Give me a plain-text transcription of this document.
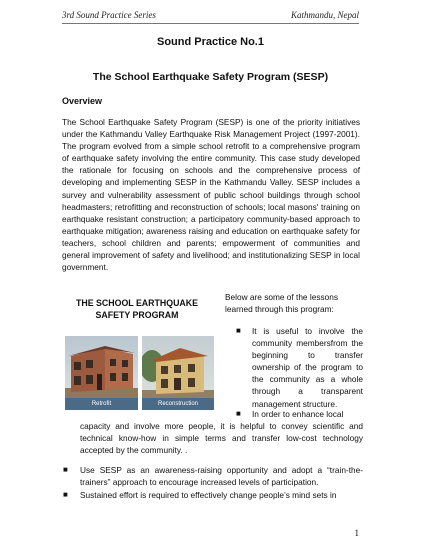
3rd Sound Practice Series	Kathmandu, Nepal
Sound Practice No.1
The School Earthquake Safety Program (SESP)
Overview

The School Earthquake Safety Program (SESP) is one of the priority initiatives under the Kathmandu Valley Earthquake Risk Management Project (1997-2001). The program evolved from a simple school retrofit to a comprehensive program of earthquake safety involving the entire community. This case study developed the rationale for focusing on schools and the comprehensive process of developing and implementing SESP in the Kathmandu Valley. SESP includes a survey and vulnerability assessment of public school buildings through school headmasters; retrofitting and reconstruction of schools; local masons' training on earthquake resistant construction; a participatory community-based approach to earthquake mitigation; awareness raising and education on earthquake safety for teachers, school children and parents; empowerment of communities and general improvement of safety and livelihood; and institutionalizing SESP in local government.

THE SCHOOL EARTHQUAKE SAFETY PROGRAM
Retrofit	Reconstruction

Below are some of the lessons learned through this program:

■ It is useful to involve the community membersfrom the beginning to transfer ownership of the program to the community as a whole through a transparent management structure.

■ In order to enhance local

capacity and involve more people, it is helpful to convey scientific and technical know-how in simple terms and transfer low-cost technology accepted by the community. .

■ Use SESP as an awareness-raising opportunity and adopt a “train-the-trainers” approach to encourage increased levels of participation.

■ Sustained effort is required to effectively change people’s mind sets in

1
